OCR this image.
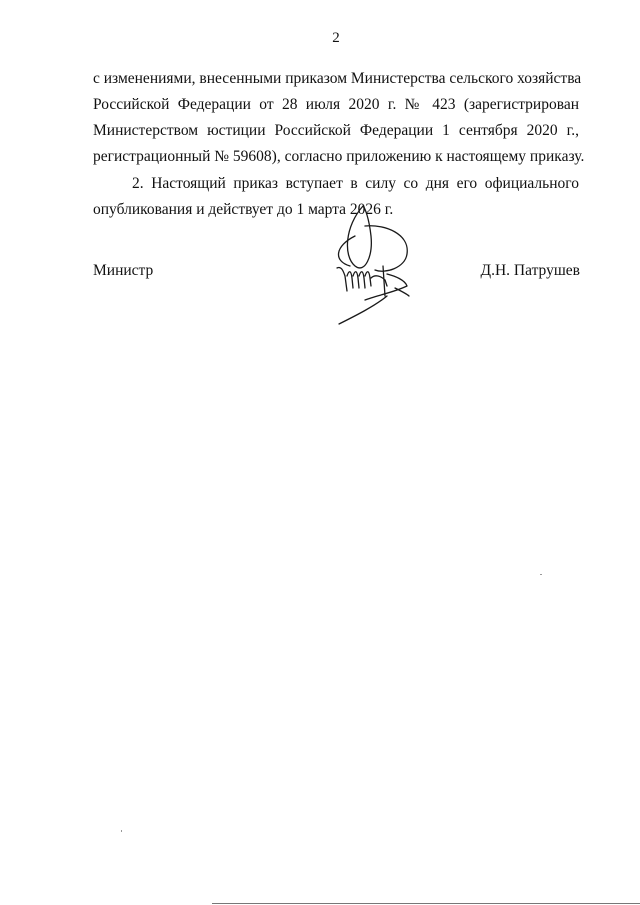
2
с изменениями, внесенными приказом Министерства сельского хозяйства
Российской Федерации от 28 июля 2020 г. № 423 (зарегистрирован
Министерством юстиции Российской Федерации 1 сентября 2020 г.,
регистрационный № 59608), согласно приложению к настоящему приказу.
2. Настоящий приказ вступает в силу со дня его официального
опубликования и действует до 1 марта 2026 г.
Министр	Д.Н. Патрушев
